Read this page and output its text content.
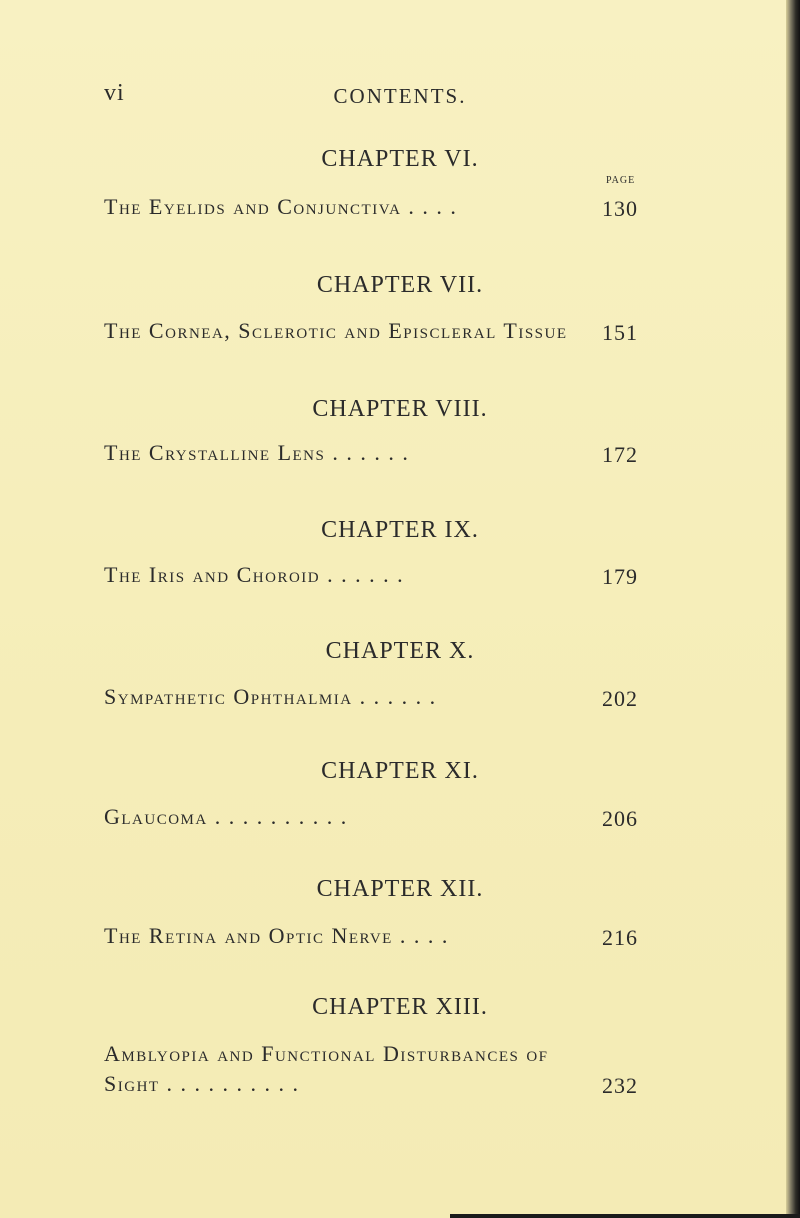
vi	CONTENTS.
CHAPTER VI.
PAGE
The Eyelids and Conjunctiva . . . .	130
CHAPTER VII.
The Cornea, Sclerotic and Episcleral Tissue 151
CHAPTER VIII.
The Crystalline Lens . . . . . .	172
CHAPTER IX.
The Iris and Choroid . . . . . .	179
CHAPTER X.
Sympathetic Ophthalmia . . . . . .	202
CHAPTER XI.
Glaucoma . . . . . . . . . .	206
CHAPTER XII.
The Retina and Optic Nerve . . . .	216
CHAPTER XIII.
Amblyopia and Functional Disturbances of
Sight . . . . . . . . . .	232
